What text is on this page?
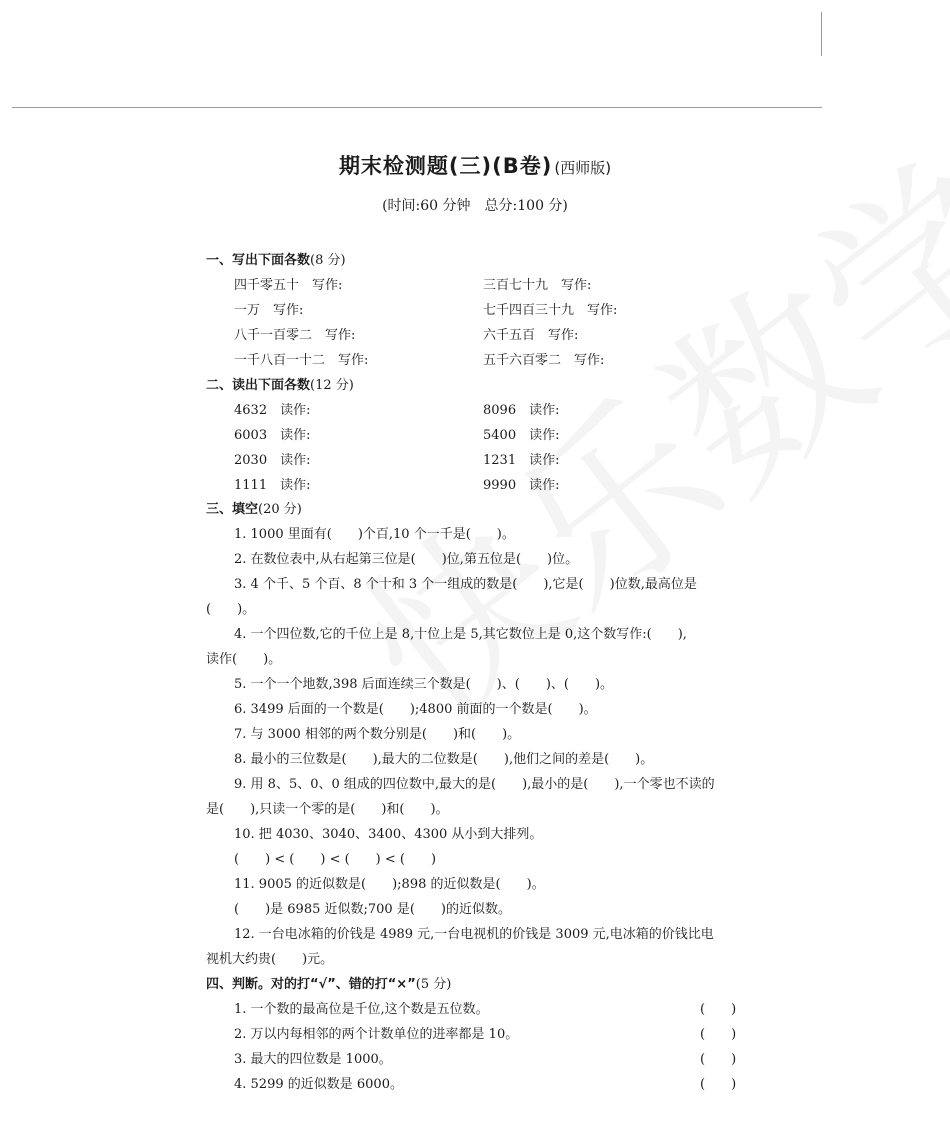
期末检测题(三)(B卷) (西师版)
(时间:60 分钟　总分:100 分)
一、写出下面各数(8 分)
四千零五十　写作:	三百七十九　写作:
一万　写作:	七千四百三十九　写作:
八千一百零二　写作:	六千五百　写作:
一千八百一十二　写作:	五千六百零二　写作:
二、读出下面各数(12 分)
4632　读作:	8096　读作:
6003　读作:	5400　读作:
2030　读作:	1231　读作:
1111　读作:	9990　读作:
三、填空(20 分)
1. 1000 里面有(　　)个百,10 个一千是(　　)。
2. 在数位表中,从右起第三位是(　　)位,第五位是(　　)位。
3. 4 个千、5 个百、8 个十和 3 个一组成的数是(　　),它是(　　)位数,最高位是
(　　)。
4. 一个四位数,它的千位上是 8,十位上是 5,其它数位上是 0,这个数写作:(　　),
读作(　　)。
5. 一个一个地数,398 后面连续三个数是(　　)、(　　)、(　　)。
6. 3499 后面的一个数是(　　);4800 前面的一个数是(　　)。
7. 与 3000 相邻的两个数分别是(　　)和(　　)。
8. 最小的三位数是(　　),最大的二位数是(　　),他们之间的差是(　　)。
9. 用 8、5、0、0 组成的四位数中,最大的是(　　),最小的是(　　),一个零也不读的
是(　　),只读一个零的是(　　)和(　　)。
10. 把 4030、3040、3400、4300 从小到大排列。
(　　) < (　　) < (　　) < (　　)
11. 9005 的近似数是(　　);898 的近似数是(　　)。
(　　)是 6985 近似数;700 是(　　)的近似数。
12. 一台电冰箱的价钱是 4989 元,一台电视机的价钱是 3009 元,电冰箱的价钱比电
视机大约贵(　　)元。
四、判断。对的打“√”、错的打“×”(5 分)
1. 一个数的最高位是千位,这个数是五位数。	(　　)
2. 万以内每相邻的两个计数单位的进率都是 10。	(　　)
3. 最大的四位数是 1000。	(　　)
4. 5299 的近似数是 6000。	(　　)
